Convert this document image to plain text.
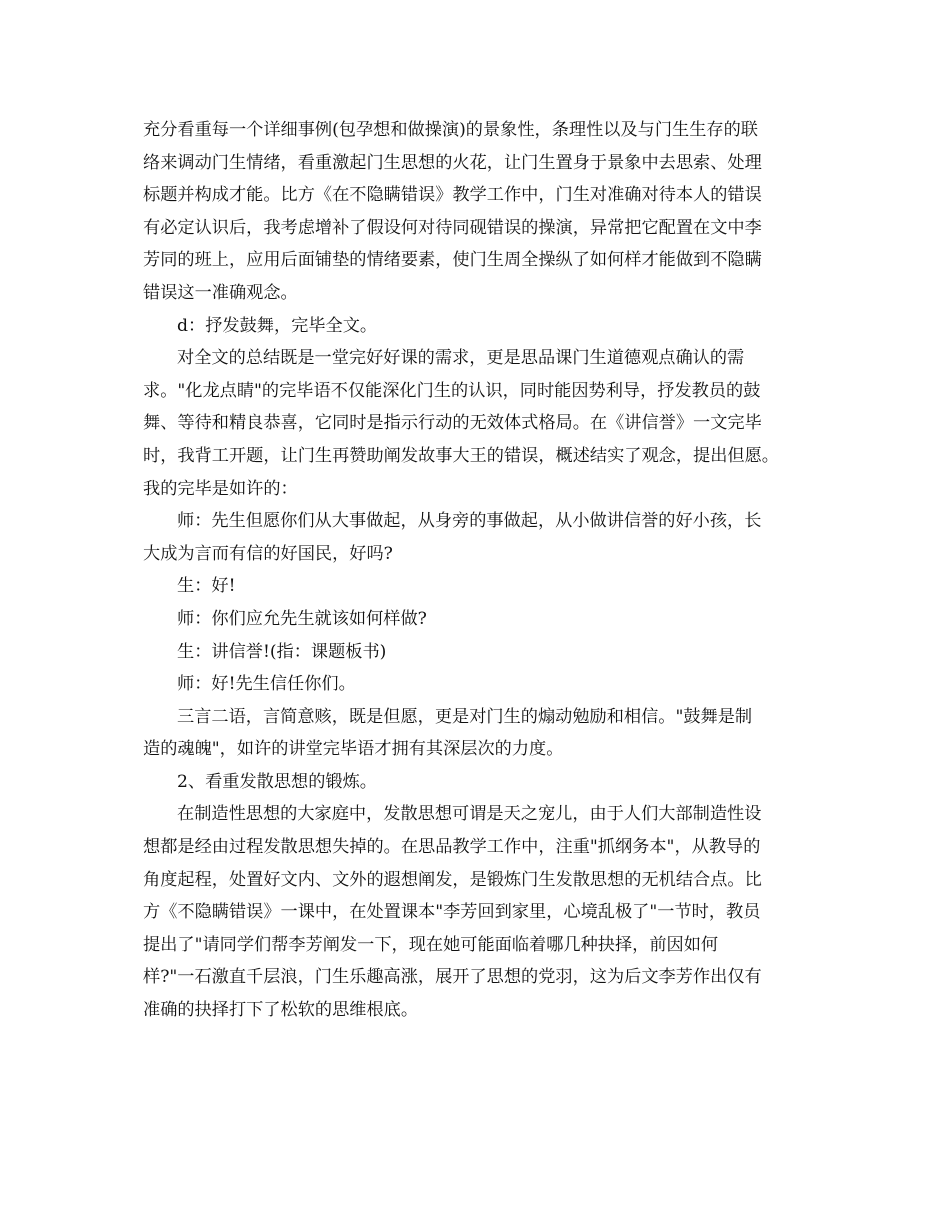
充分看重每一个详细事例(包孕想和做操演)的景象性，条理性以及与门生生存的联
络来调动门生情绪，看重激起门生思想的火花，让门生置身于景象中去思索、处理
标题并构成才能。比方《在不隐瞒错误》教学工作中，门生对准确对待本人的错误
有必定认识后，我考虑增补了假设何对待同砚错误的操演，异常把它配置在文中李
芳同的班上，应用后面铺垫的情绪要素，使门生周全操纵了如何样才能做到不隐瞒
错误这一准确观念。
d：抒发鼓舞，完毕全文。
对全文的总结既是一堂完好好课的需求，更是思品课门生道德观点确认的需
求。"化龙点睛"的完毕语不仅能深化门生的认识，同时能因势利导，抒发教员的鼓
舞、等待和精良恭喜，它同时是指示行动的无效体式格局。在《讲信誉》一文完毕
时，我背工开题，让门生再赞助阐发故事大王的错误，概述结实了观念，提出但愿。
我的完毕是如许的：
师：先生但愿你们从大事做起，从身旁的事做起，从小做讲信誉的好小孩，长
大成为言而有信的好国民，好吗?
生：好!
师：你们应允先生就该如何样做?
生：讲信誉!(指：课题板书)
师：好!先生信任你们。
三言二语，言简意赅，既是但愿，更是对门生的煽动勉励和相信。"鼓舞是制
造的魂魄"，如许的讲堂完毕语才拥有其深层次的力度。
2、看重发散思想的锻炼。
在制造性思想的大家庭中，发散思想可谓是天之宠儿，由于人们大部制造性设
想都是经由过程发散思想失掉的。在思品教学工作中，注重"抓纲务本"，从教导的
角度起程，处置好文内、文外的遐想阐发，是锻炼门生发散思想的无机结合点。比
方《不隐瞒错误》一课中，在处置课本"李芳回到家里，心境乱极了"一节时，教员
提出了"请同学们帮李芳阐发一下，现在她可能面临着哪几种抉择，前因如何
样?"一石激直千层浪，门生乐趣高涨，展开了思想的党羽，这为后文李芳作出仅有
准确的抉择打下了松软的思维根底。
